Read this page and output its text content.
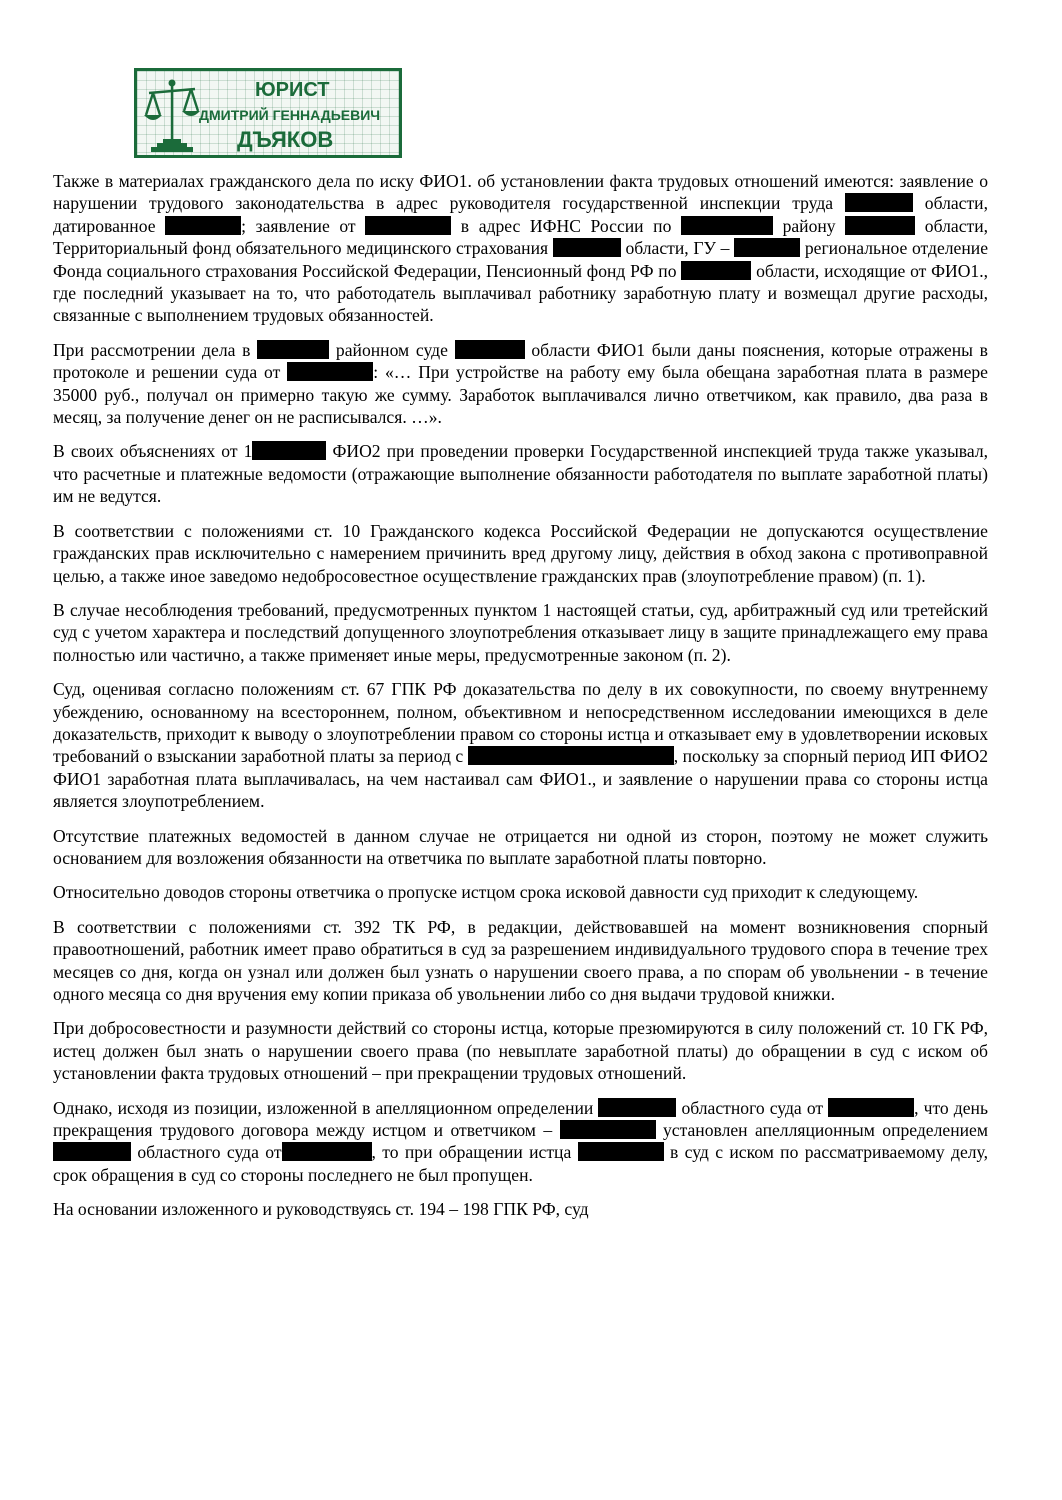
ЮРИСТ
ДМИТРИЙ ГЕННАДЬЕВИЧ
ДЪЯКОВ

Также в материалах гражданского дела по иску ФИО1. об установлении факта трудовых отношений имеются: заявление о нарушении трудового законодательства в адрес руководителя государственной инспекции труда	области, датированное	; заявление от	в адрес ИФНС России по	району	области, Территориальный фонд обязательного медицинского страхования	области, ГУ –	региональное отделение Фонда социального страхования Российской Федерации, Пенсионный фонд РФ по	области, исходящие от ФИО1., где последний указывает на то, что работодатель выплачивал работнику заработную плату и возмещал другие расходы, связанные с выполнением трудовых обязанностей.

При рассмотрении дела в	районном суде	области ФИО1 были даны пояснения, которые отражены в протоколе и решении суда от	: «… При устройстве на работу ему была обещана заработная плата в размере 35000 руб., получал он примерно такую же сумму. Заработок выплачивался лично ответчиком, как правило, два раза в месяц, за получение денег он не расписывался. …».

В своих объяснениях от 1	ФИО2 при проведении проверки Государственной инспекцией труда также указывал, что расчетные и платежные ведомости (отражающие выполнение обязанности работодателя по выплате заработной платы) им не ведутся.

В соответствии с положениями ст. 10 Гражданского кодекса Российской Федерации не допускаются осуществление гражданских прав исключительно с намерением причинить вред другому лицу, действия в обход закона с противоправной целью, а также иное заведомо недобросовестное осуществление гражданских прав (злоупотребление правом) (п. 1).

В случае несоблюдения требований, предусмотренных пунктом 1 настоящей статьи, суд, арбитражный суд или третейский суд с учетом характера и последствий допущенного злоупотребления отказывает лицу в защите принадлежащего ему права полностью или частично, а также применяет иные меры, предусмотренные законом (п. 2).

Суд, оценивая согласно положениям ст. 67 ГПК РФ доказательства по делу в их совокупности, по своему внутреннему убеждению, основанному на всестороннем, полном, объективном и непосредственном исследовании имеющихся в деле доказательств, приходит к выводу о злоупотреблении правом со стороны истца и отказывает ему в удовлетворении исковых требований о взыскании заработной платы за период с	, поскольку за спорный период ИП ФИО2 ФИО1 заработная плата выплачивалась, на чем настаивал сам ФИО1., и заявление о нарушении права со стороны истца является злоупотреблением.

Отсутствие платежных ведомостей в данном случае не отрицается ни одной из сторон, поэтому не может служить основанием для возложения обязанности на ответчика по выплате заработной платы повторно.

Относительно доводов стороны ответчика о пропуске истцом срока исковой давности суд приходит к следующему.

В соответствии с положениями ст. 392 ТК РФ, в редакции, действовавшей на момент возникновения спорный правоотношений, работник имеет право обратиться в суд за разрешением индивидуального трудового спора в течение трех месяцев со дня, когда он узнал или должен был узнать о нарушении своего права, а по спорам об увольнении - в течение одного месяца со дня вручения ему копии приказа об увольнении либо со дня выдачи трудовой книжки.

При добросовестности и разумности действий со стороны истца, которые презюмируются в силу положений ст. 10 ГК РФ, истец должен был знать о нарушении своего права (по невыплате заработной платы) до обращении в суд с иском об установлении факта трудовых отношений – при прекращении трудовых отношений.

Однако, исходя из позиции, изложенной в апелляционном определении	областного суда от	, что день прекращения трудового договора между истцом и ответчиком –	установлен апелляционным определением  областного суда от	, то при обращении истца	в суд с иском по рассматриваемому делу, срок обращения в суд со стороны последнего не был пропущен.

На основании изложенного и руководствуясь ст. 194 – 198 ГПК РФ, суд
